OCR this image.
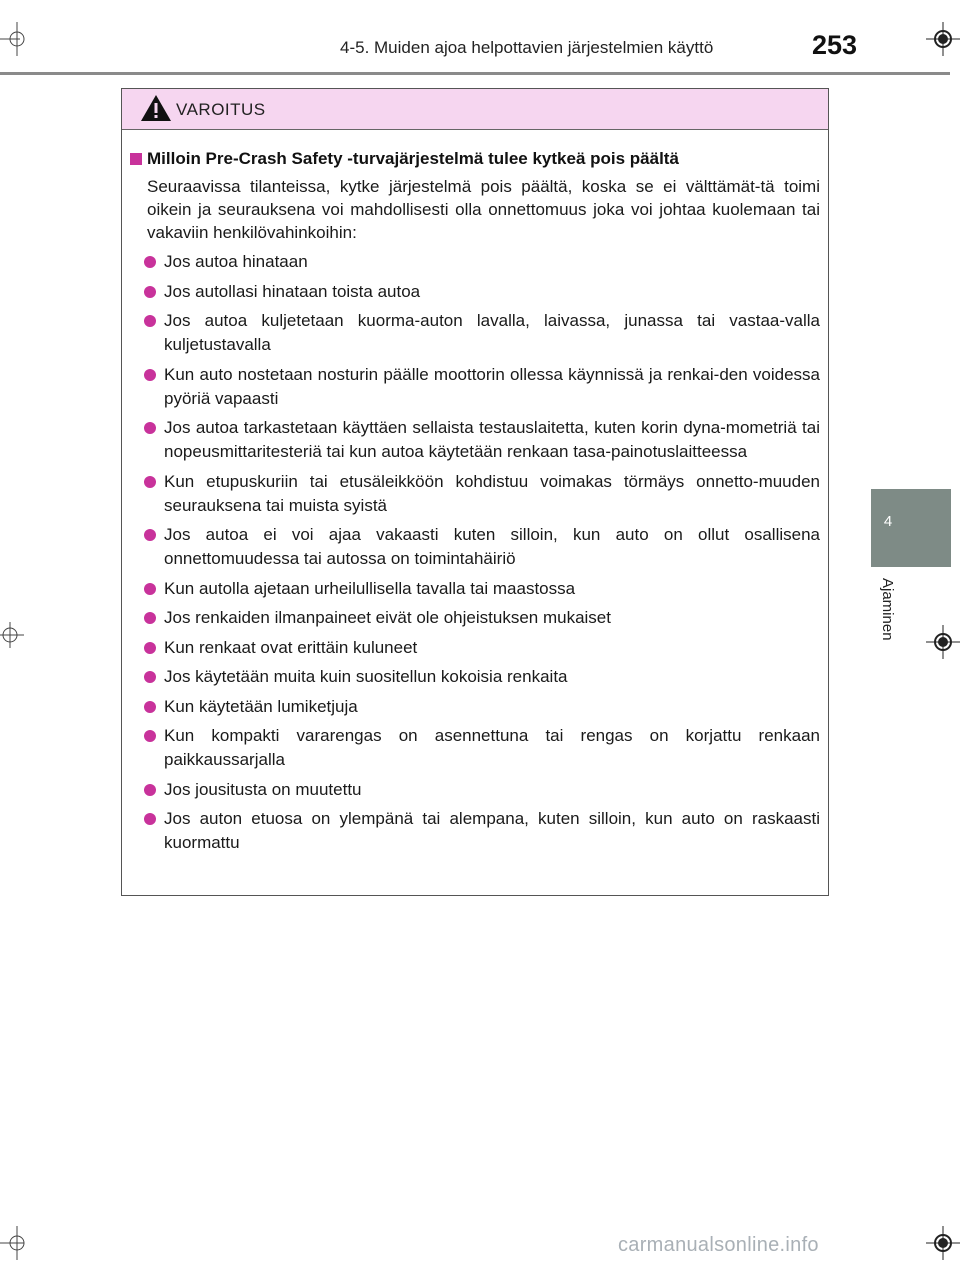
4-5. Muiden ajoa helpottavien järjestelmien käyttö	253
4
Ajaminen
VAROITUS
Milloin Pre-Crash Safety -turvajärjestelmä tulee kytkeä pois päältä
Seuraavissa tilanteissa, kytke järjestelmä pois päältä, koska se ei välttämät-tä toimi oikein ja seurauksena voi mahdollisesti olla onnettomuus joka voi johtaa kuolemaan tai vakaviin henkilövahinkoihin:
Jos autoa hinataan
Jos autollasi hinataan toista autoa
Jos autoa kuljetetaan kuorma-auton lavalla, laivassa, junassa tai vastaa-valla kuljetustavalla
Kun auto nostetaan nosturin päälle moottorin ollessa käynnissä ja renkai-den voidessa pyöriä vapaasti
Jos autoa tarkastetaan käyttäen sellaista testauslaitetta, kuten korin dyna-mometriä tai nopeusmittaritesteriä tai kun autoa käytetään renkaan tasa-painotuslaitteessa
Kun etupuskuriin tai etusäleikköön kohdistuu voimakas törmäys onnetto-muuden seurauksena tai muista syistä
Jos autoa ei voi ajaa vakaasti kuten silloin, kun auto on ollut osallisena onnettomuudessa tai autossa on toimintahäiriö
Kun autolla ajetaan urheilullisella tavalla tai maastossa
Jos renkaiden ilmanpaineet eivät ole ohjeistuksen mukaiset
Kun renkaat ovat erittäin kuluneet
Jos käytetään muita kuin suositellun kokoisia renkaita
Kun käytetään lumiketjuja
Kun kompakti vararengas on asennettuna tai rengas on korjattu renkaan paikkaussarjalla
Jos jousitusta on muutettu
Jos auton etuosa on ylempänä tai alempana, kuten silloin, kun auto on raskaasti kuormattu
carmanualsonline.info
